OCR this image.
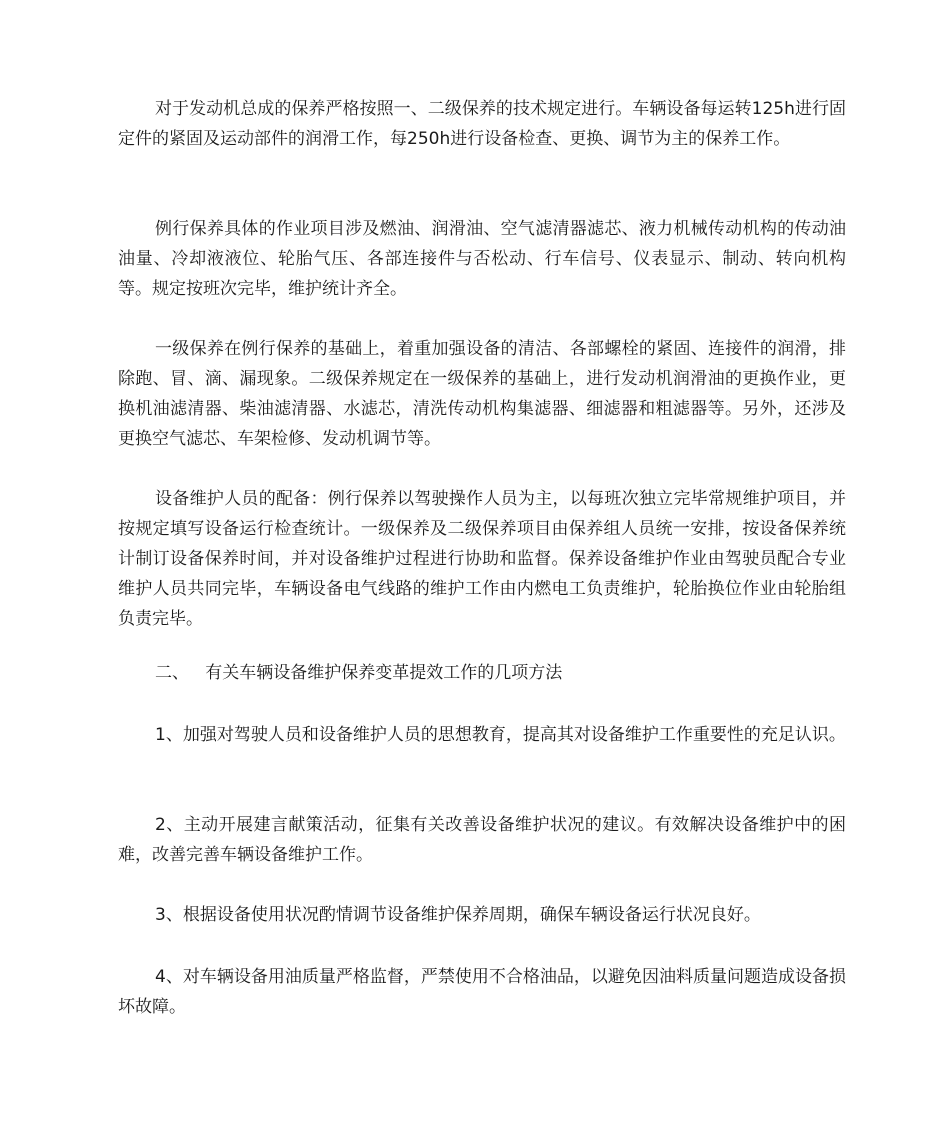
对于发动机总成的保养严格按照一、二级保养的技术规定进行。车辆设备每运转125h进行固定件的紧固及运动部件的润滑工作，每250h进行设备检查、更换、调节为主的保养工作。

例行保养具体的作业项目涉及燃油、润滑油、空气滤清器滤芯、液力机械传动机构的传动油油量、冷却液液位、轮胎气压、各部连接件与否松动、行车信号、仪表显示、制动、转向机构等。规定按班次完毕，维护统计齐全。

一级保养在例行保养的基础上，着重加强设备的清洁、各部螺栓的紧固、连接件的润滑，排除跑、冒、滴、漏现象。二级保养规定在一级保养的基础上，进行发动机润滑油的更换作业，更换机油滤清器、柴油滤清器、水滤芯，清洗传动机构集滤器、细滤器和粗滤器等。另外，还涉及更换空气滤芯、车架检修、发动机调节等。

设备维护人员的配备：例行保养以驾驶操作人员为主，以每班次独立完毕常规维护项目，并按规定填写设备运行检查统计。一级保养及二级保养项目由保养组人员统一安排，按设备保养统计制订设备保养时间，并对设备维护过程进行协助和监督。保养设备维护作业由驾驶员配合专业维护人员共同完毕，车辆设备电气线路的维护工作由内燃电工负责维护，轮胎换位作业由轮胎组负责完毕。

二、   有关车辆设备维护保养变革提效工作的几项方法

1、加强对驾驶人员和设备维护人员的思想教育，提高其对设备维护工作重要性的充足认识。

2、主动开展建言献策活动，征集有关改善设备维护状况的建议。有效解决设备维护中的困难，改善完善车辆设备维护工作。

3、根据设备使用状况酌情调节设备维护保养周期，确保车辆设备运行状况良好。

4、对车辆设备用油质量严格监督，严禁使用不合格油品，以避免因油料质量问题造成设备损坏故障。
